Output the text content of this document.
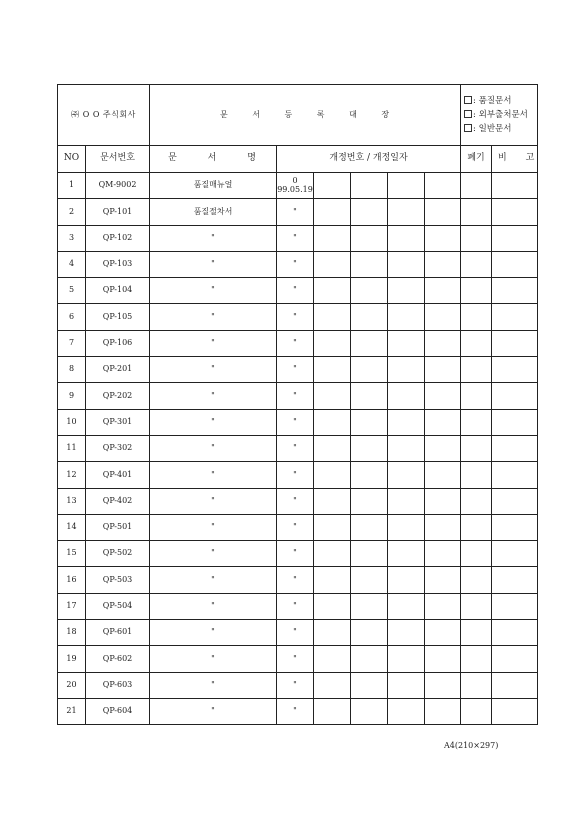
㈜ O O 주식회사		문 서 등 록 대 장						: 품질문서
: 외부출처문서
: 일반문서	

NO	문서번호	문 서 명	개정번호 / 개정일자					폐기	비 고
1	QM-9002	품질매뉴얼	0
99.05.19						

2	QP-101	품질절차서	"						

3	QP-102	"	"						

4	QP-103	"	"						

5	QP-104	"	"						

6	QP-105	"	"						

7	QP-106	"	"						

8	QP-201	"	"						

9	QP-202	"	"						

10	QP-301	"	"						

11	QP-302	"	"						

12	QP-401	"	"						

13	QP-402	"	"						

14	QP-501	"	"						

15	QP-502	"	"						

16	QP-503	"	"						

17	QP-504	"	"						

18	QP-601	"	"						

19	QP-602	"	"						

20	QP-603	"	"						

21	QP-604	"	"						

A4(210×297)
